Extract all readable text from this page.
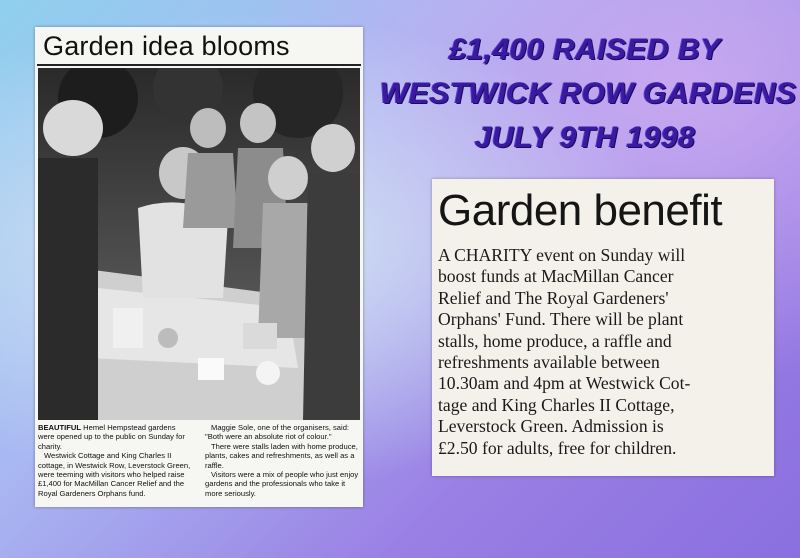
Garden idea blooms

BEAUTIFUL Hemel Hempstead gardens were opened up to the public on Sunday for charity.

Westwick Cottage and King Charles II cottage, in Westwick Row, Leverstock Green, were teeming with visitors who helped raise £1,400 for MacMillan Cancer Relief and the Royal Gardeners Orphans fund.

Maggie Sole, one of the organisers, said: "Both were an absolute riot of colour."

There were stalls laden with home produce, plants, cakes and refreshments, as well as a raffle.

Visitors were a mix of people who just enjoy gardens and the professionals who take it more seriously.

£1,400 RAISED BY
WESTWICK ROW GARDENS
JULY 9TH 1998
Garden benefit
A CHARITY event on Sunday will
boost funds at MacMillan Cancer
Relief and The Royal Gardeners'
Orphans' Fund. There will be plant
stalls, home produce, a raffle and
refreshments available between
10.30am and 4pm at Westwick Cot-
tage and King Charles II Cottage,
Leverstock Green. Admission is
£2.50 for adults, free for children.
